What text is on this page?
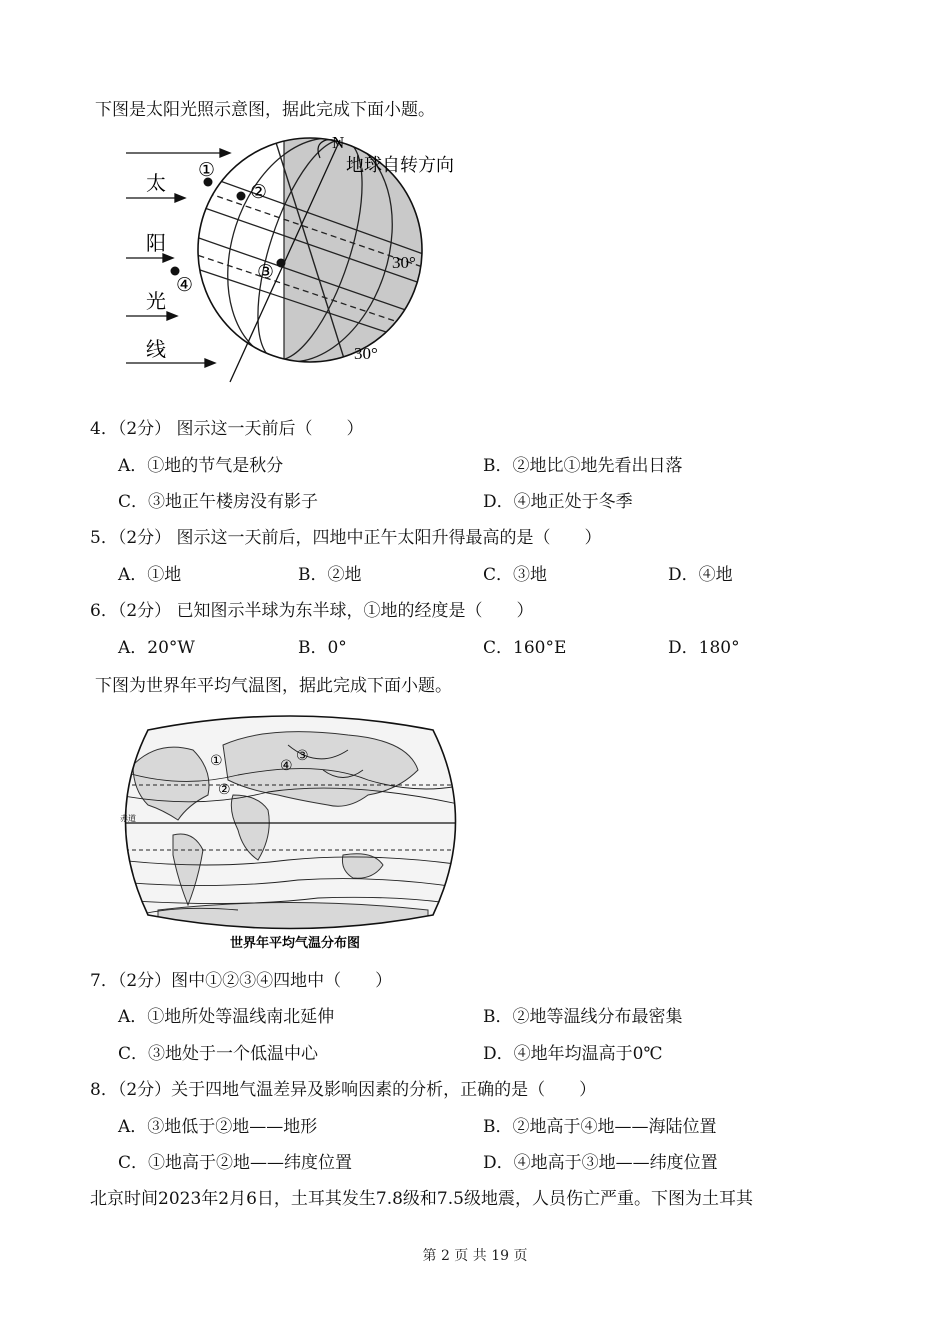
下图是太阳光照示意图，据此完成下面小题。
N
地球自转方向
太
阳
光
线
①
②
③
④
30°
30°
4．（2分） 图示这一天前后（　　）
A．①地的节气是秋分	B．②地比①地先看出日落
C．③地正午楼房没有影子	D．④地正处于冬季
5．（2分） 图示这一天前后，四地中正午太阳升得最高的是（　　）
A．①地	B．②地	C．③地	D．④地
6．（2分） 已知图示半球为东半球，①地的经度是（　　）
A．20°W	B．0°	C．160°E	D．180°
下图为世界年平均气温图，据此完成下面小题。
赤道
①
②
③
④
世界年平均气温分布图
7．（2分）图中①②③④四地中（　　）
A．①地所处等温线南北延伸	B．②地等温线分布最密集
C．③地处于一个低温中心	D．④地年均温高于0℃
8．（2分）关于四地气温差异及影响因素的分析，正确的是（　　）
A．③地低于②地——地形	B．②地高于④地——海陆位置
C．①地高于②地——纬度位置	D．④地高于③地——纬度位置
北京时间2023年2月6日，土耳其发生7.8级和7.5级地震，人员伤亡严重。下图为土耳其
第 2 页 共 19 页
